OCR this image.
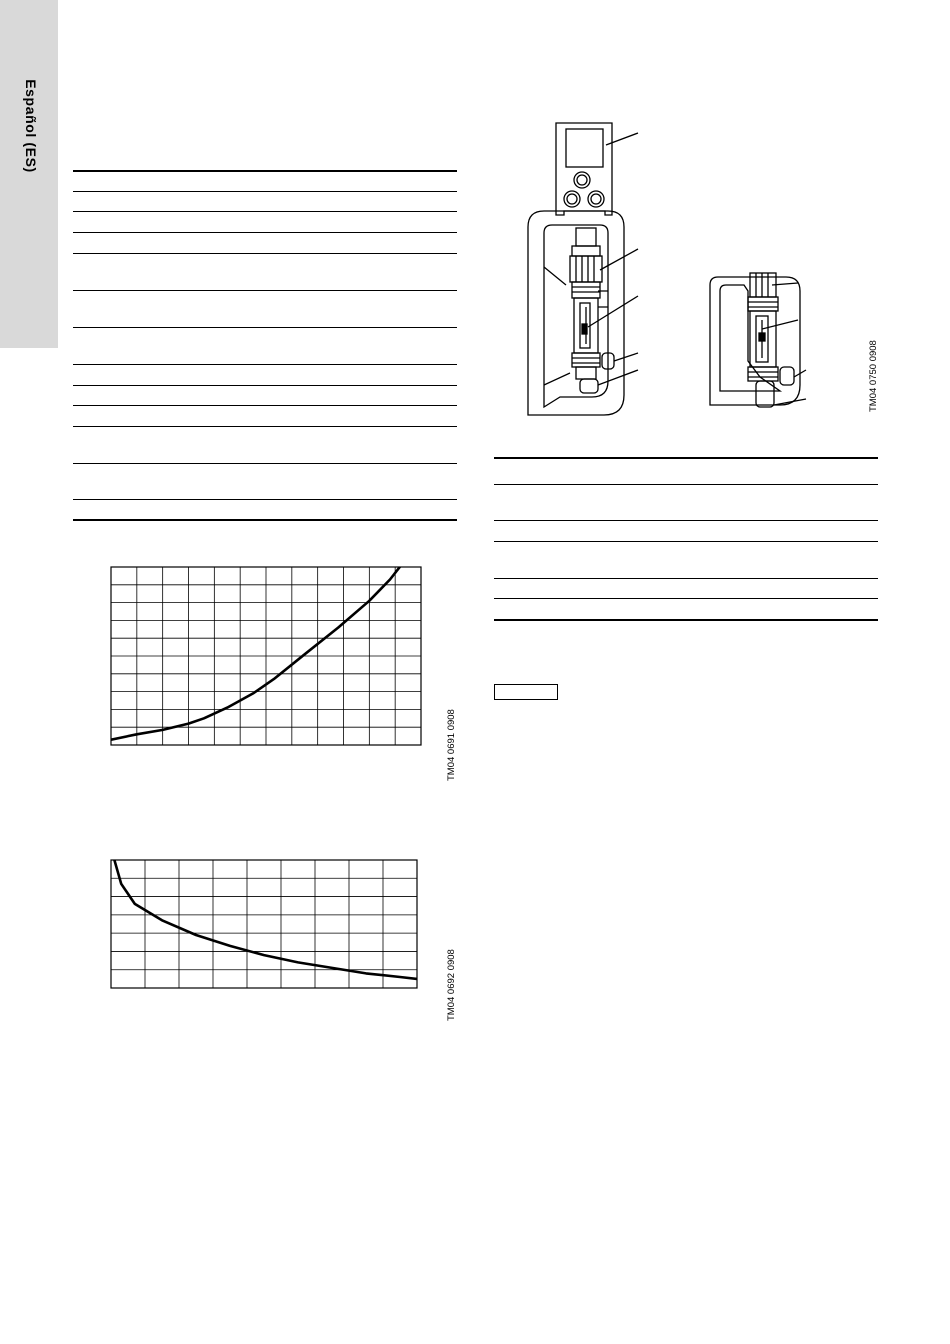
Español (ES)
TM04 0750 0908
TM04 0691 0908
TM04 0692 0908
